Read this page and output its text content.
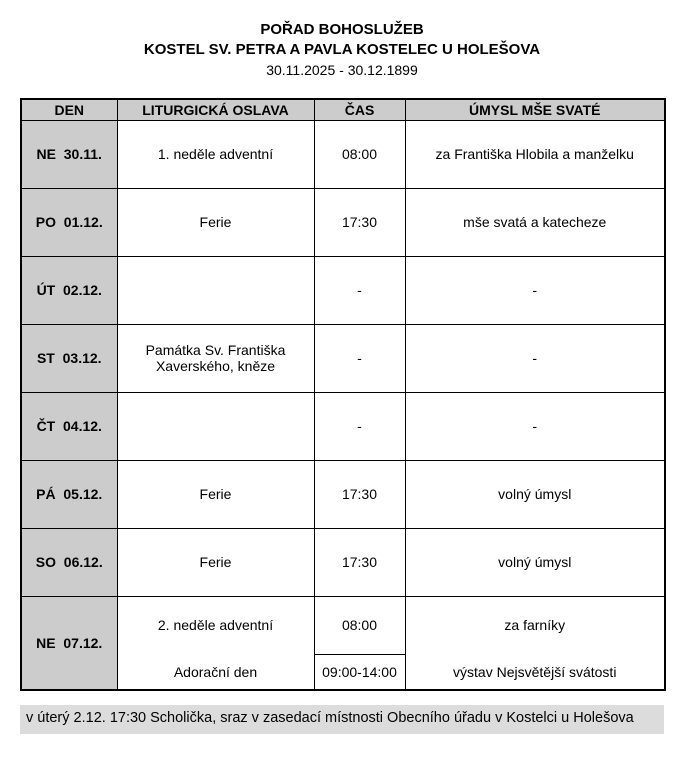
POŘAD BOHOSLUŽEB
KOSTEL SV. PETRA A PAVLA KOSTELEC U HOLEŠOVA
30.11.2025 - 30.12.1899
DEN	LITURGICKÁ OSLAVA	ČAS	ÚMYSL MŠE SVATÉ
NE  30.11.	1. neděle adventní	08:00	za Františka Hlobila a manželku
PO  01.12.	Ferie	17:30	mše svatá a katecheze
ÚT  02.12.		-	-
ST  03.12.	Památka Sv. Františka Xaverského, kněze	-	-
ČT  04.12.		-	-
PÁ  05.12.	Ferie	17:30	volný úmysl
SO  06.12.	Ferie	17:30	volný úmysl
NE  07.12.	2. neděle adventní	08:00	za farníky
	Adorační den	09:00-14:00	výstav Nejsvětější svátosti
v úterý 2.12. 17:30 Scholička, sraz v zasedací místnosti Obecního úřadu v Kostelci u Holešova
